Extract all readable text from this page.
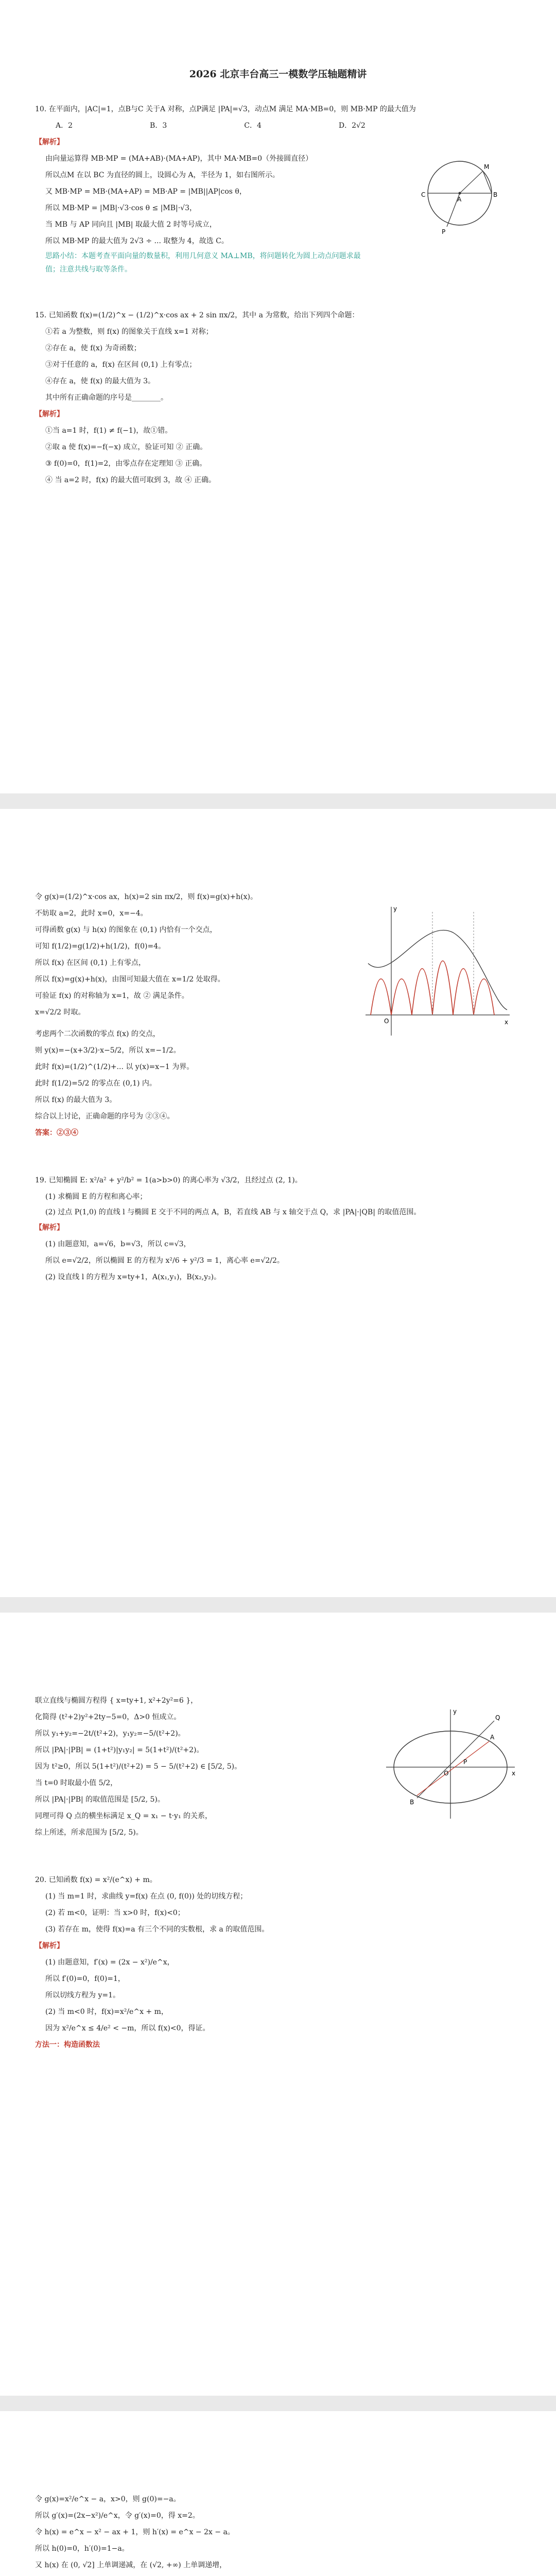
2026 北京丰台高三一模数学压轴题精讲
10. 在平面内，|AC|=1，点B与C 关于A 对称，点P满足 |PA|=√3，动点M 满足 MA·MB=0，则 MB·MP 的最大值为
A．2	B．3	C．4	D．2√2
【解析】
由向量运算得 MB·MP = (MA+AB)·(MA+AP)，其中 MA·MB=0（外接圆直径）
所以点M 在以 BC 为直径的圆上，设圆心为 A，半径为 1，如右图所示。
又 MB·MP = MB·(MA+AP) = MB·AP = |MB||AP|cos θ，
所以 MB·MP = |MB|·√3·cos θ ≤ |MB|·√3，
当 MB 与 AP 同向且 |MB| 取最大值 2 时等号成立，
所以 MB·MP 的最大值为 2√3 ÷ ... 取整为 4，故选 C。
思路小结：本题考查平面向量的数量积，利用几何意义 MA⊥MB，将问题转化为圆上动点问题求最值；注意共线与取等条件。
A
B
C
M
P
15. 已知函数 f(x)=(1/2)^x − (1/2)^x·cos ax + 2 sin πx/2，其中 a 为常数，给出下列四个命题：
①若 a 为整数，则 f(x) 的图象关于直线 x=1 对称；
②存在 a，使 f(x) 为奇函数；
③对于任意的 a，f(x) 在区间 (0,1) 上有零点；
④存在 a，使 f(x) 的最大值为 3。
其中所有正确命题的序号是________。
【解析】
①当 a=1 时，f(1) ≠ f(−1)，故①错。
②取 a 使 f(x)=−f(−x) 成立，验证可知 ② 正确。
③ f(0)=0，f(1)=2，由零点存在定理知 ③ 正确。
④ 当 a=2 时，f(x) 的最大值可取到 3，故 ④ 正确。
令 g(x)=(1/2)^x·cos ax，h(x)=2 sin πx/2，则 f(x)=g(x)+h(x)。
不妨取 a=2，此时 x=0，x=−4。
可得函数 g(x) 与 h(x) 的图象在 (0,1) 内恰有一个交点，
可知 f(1/2)=g(1/2)+h(1/2)，f(0)=4。
所以 f(x) 在区间 (0,1) 上有零点，
所以 f(x)=g(x)+h(x)，由图可知最大值在 x=1/2 处取得。
可验证 f(x) 的对称轴为 x=1，故 ② 满足条件。
x=√2/2 时取。
考虑两个二次函数的零点 f(x) 的交点，
则 y(x)=−(x+3/2)·x−5/2，所以 x=−1/2。
此时 f(x)=(1/2)^(1/2)+... 以 y(x)=x−1 为界。
此时 f(1/2)=5/2 的零点在 (0,1) 内。
所以 f(x) 的最大值为 3。
综合以上讨论，正确命题的序号为 ②③④。
答案：②③④
O	x
y
19. 已知椭圆 E: x²/a² + y²/b² = 1(a>b>0) 的离心率为 √3/2，且经过点 (2, 1)。
(1) 求椭圆 E 的方程和离心率；
(2) 过点 P(1,0) 的直线 l 与椭圆 E 交于不同的两点 A，B，若直线 AB 与 x 轴交于点 Q，求 |PA|·|QB| 的取值范围。
【解析】
(1) 由题意知，a=√6，b=√3，所以 c=√3，
所以 e=√2/2，所以椭圆 E 的方程为 x²/6 + y²/3 = 1，离心率 e=√2/2。
(2) 设直线 l 的方程为 x=ty+1，A(x₁,y₁)，B(x₂,y₂)。
联立直线与椭圆方程得 { x=ty+1, x²+2y²=6 }，
化简得 (t²+2)y²+2ty−5=0，Δ>0 恒成立。
所以 y₁+y₂=−2t/(t²+2)，y₁y₂=−5/(t²+2)。
所以 |PA|·|PB| = (1+t²)|y₁y₂| = 5(1+t²)/(t²+2)。
因为 t²≥0，所以 5(1+t²)/(t²+2) = 5 − 5/(t²+2) ∈ [5/2, 5)。
当 t=0 时取最小值 5/2，
所以 |PA|·|PB| 的取值范围是 [5/2, 5)。
同理可得 Q 点的横坐标满足 x_Q = x₁ − t·y₁ 的关系，
综上所述，所求范围为 [5/2, 5)。
O
A
B
P
Q
x
y
20. 已知函数 f(x) = x²/(e^x) + m。
(1) 当 m=1 时，求曲线 y=f(x) 在点 (0, f(0)) 处的切线方程；
(2) 若 m<0，证明：当 x>0 时，f(x)<0；
(3) 若存在 m，使得 f(x)=a 有三个不同的实数根，求 a 的取值范围。
【解析】
(1) 由题意知，f′(x) = (2x − x²)/e^x，
所以 f′(0)=0，f(0)=1，
所以切线方程为 y=1。
(2) 当 m<0 时，f(x)=x²/e^x + m，
因为 x²/e^x ≤ 4/e² < −m，所以 f(x)<0，得证。
方法一：构造函数法
令 g(x)=x²/e^x − a，x>0，则 g(0)=−a。
所以 g′(x)=(2x−x²)/e^x，令 g′(x)=0，得 x=2。
令 h(x) = e^x − x² − ax + 1，则 h′(x) = e^x − 2x − a。
所以 h(0)=0，h′(0)=1−a。
又 h(x) 在 (0, √2] 上单调递减，在 (√2, +∞) 上单调递增，
